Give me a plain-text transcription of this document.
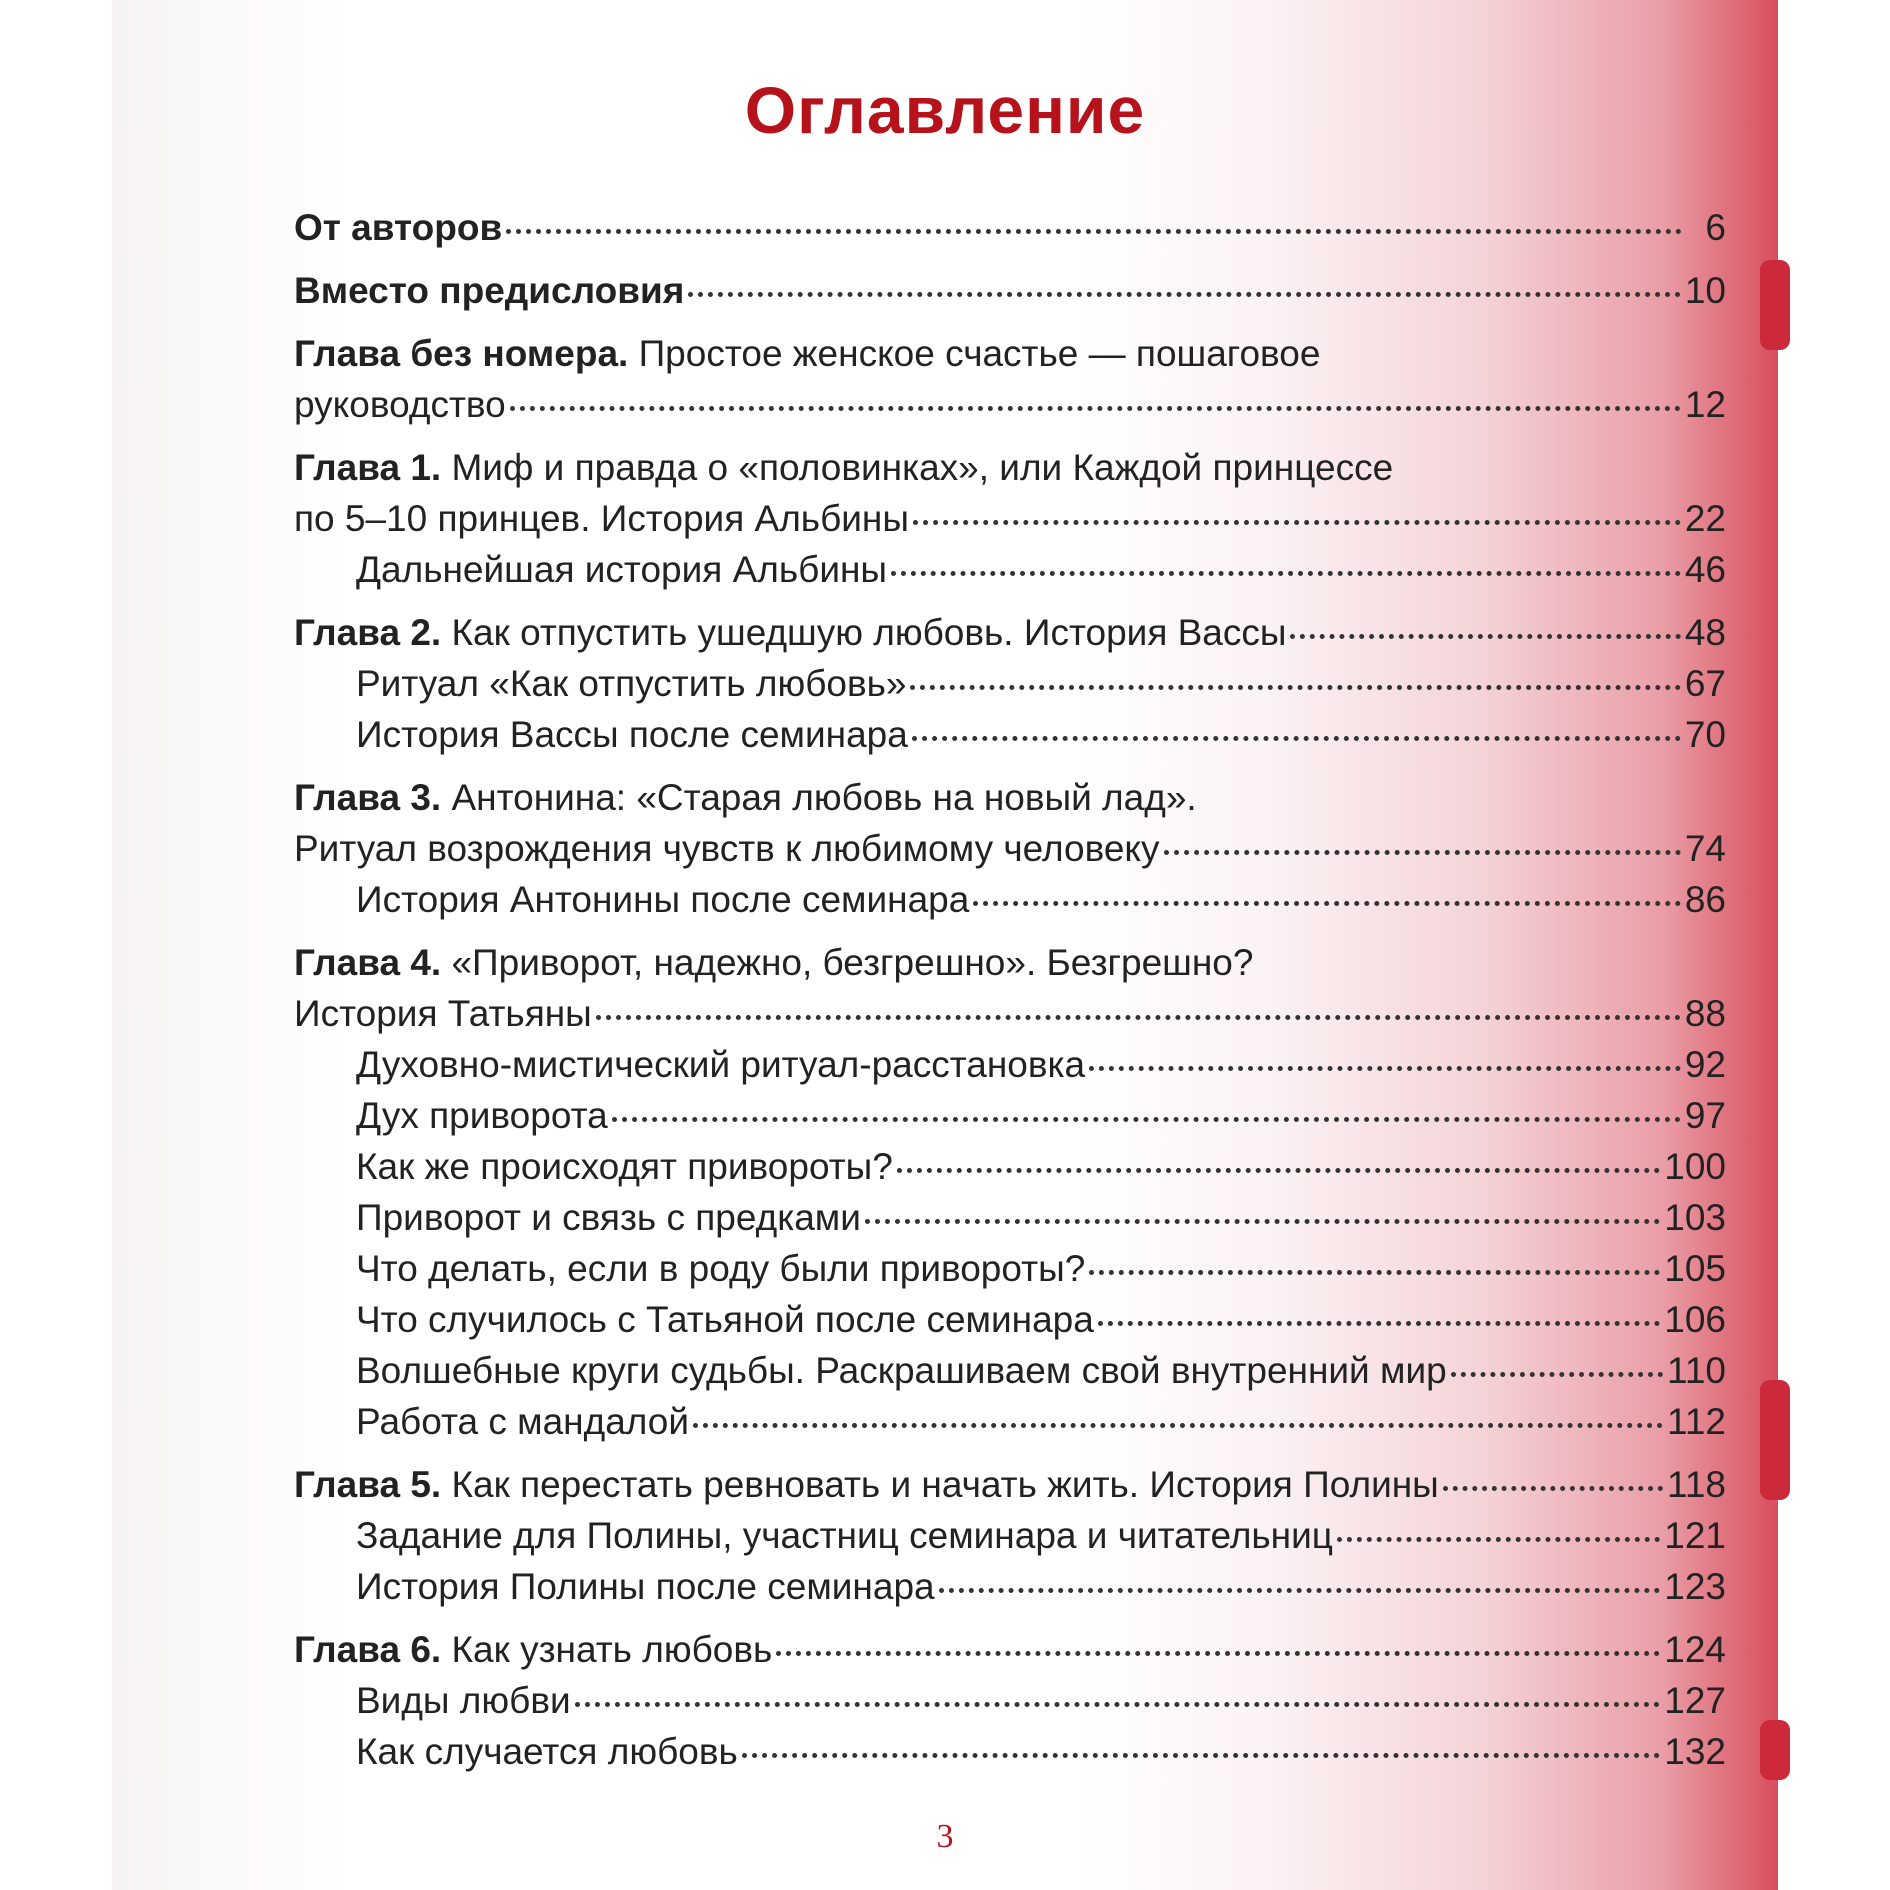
Оглавление
От авторов	6
Вместо предисловия	10
Глава без номера. Простое женское счастье — пошаговое
руководство	12
Глава 1. Миф и правда о «половинках», или Каждой принцессе
по 5–10 принцев. История Альбины	22
Дальнейшая история Альбины	46
Глава 2. Как отпустить ушедшую любовь. История Вассы	48
Ритуал «Как отпустить любовь»	67
История Вассы после семинара	70
Глава 3. Антонина: «Старая любовь на новый лад».
Ритуал возрождения чувств к любимому человеку	74
История Антонины после семинара	86
Глава 4. «Приворот, надежно, безгрешно». Безгрешно?
История Татьяны	88
Духовно-мистический ритуал-расстановка	92
Дух приворота	97
Как же происходят привороты?	100
Приворот и связь с предками	103
Что делать, если в роду были привороты?	105
Что случилось с Татьяной после семинара	106
Волшебные круги судьбы. Раскрашиваем свой внутренний мир	110
Работа с мандалой	112
Глава 5. Как перестать ревновать и начать жить. История Полины	118
Задание для Полины, участниц семинара и читательниц	121
История Полины после семинара	123
Глава 6. Как узнать любовь	124
Виды любви	127
Как случается любовь	132
3
